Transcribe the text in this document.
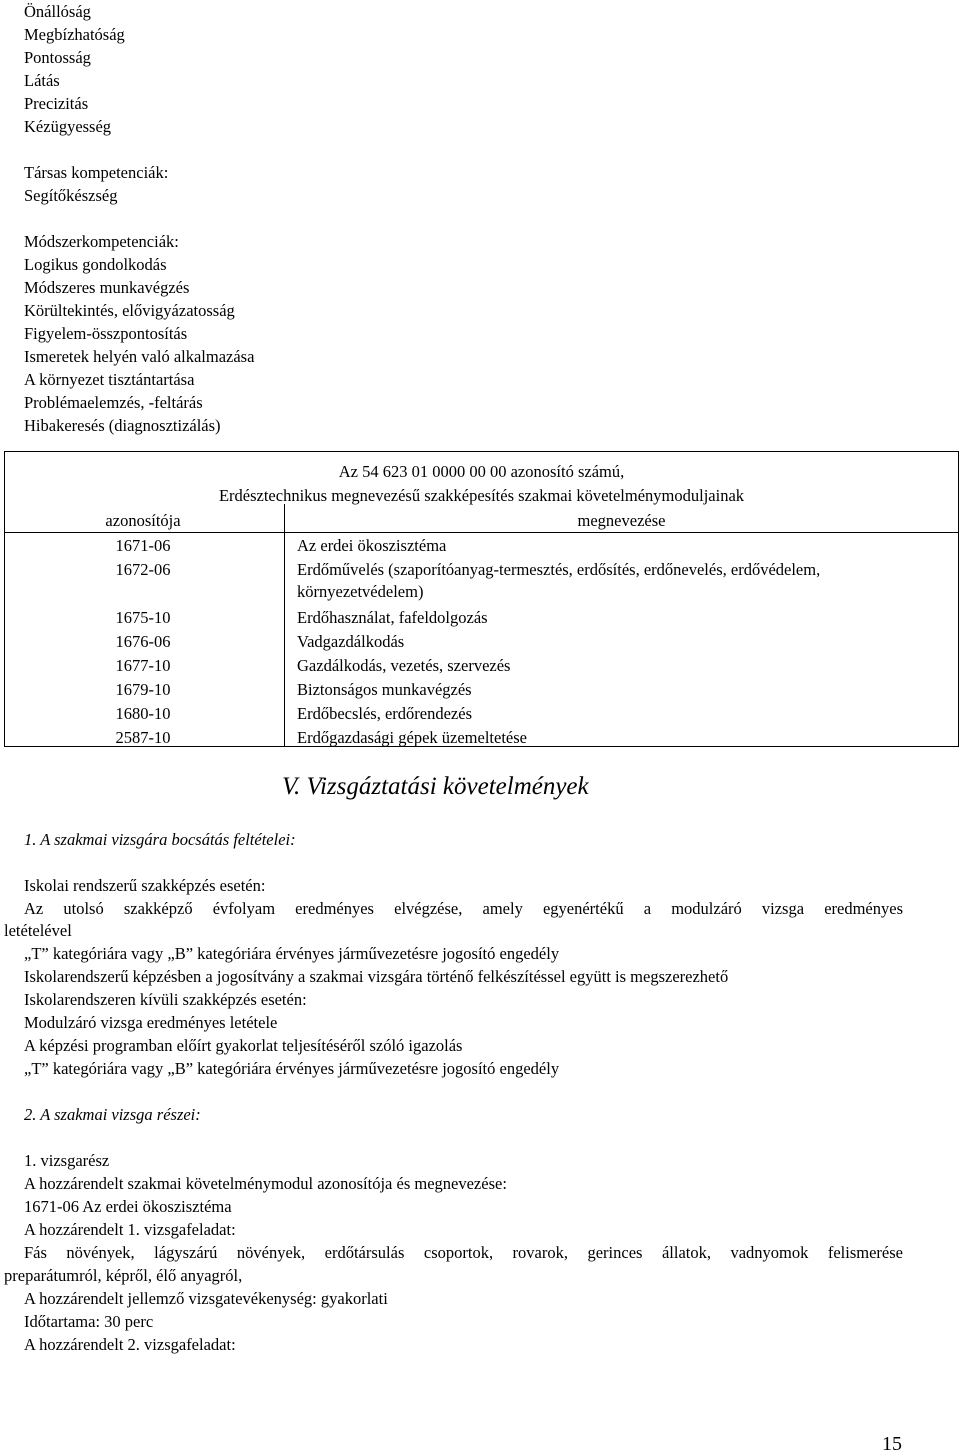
Önállóság
Megbízhatóság
Pontosság
Látás
Precizitás
Kézügyesség
Társas kompetenciák:
Segítőkészség
Módszerkompetenciák:
Logikus gondolkodás
Módszeres munkavégzés
Körültekintés, elővigyázatosság
Figyelem-összpontosítás
Ismeretek helyén való alkalmazása
A környezet tisztántartása
Problémaelemzés, -feltárás
Hibakeresés (diagnosztizálás)
Az 54 623 01 0000 00 00 azonosító számú,
Erdésztechnikus megnevezésű szakképesítés szakmai követelménymoduljainak
azonosítója	megnevezése
1671-06	Az erdei ökoszisztéma
1672-06	Erdőművelés (szaporítóanyag-termesztés, erdősítés, erdőnevelés, erdővédelem,
környezetvédelem)
1675-10	Erdőhasználat, fafeldolgozás
1676-06	Vadgazdálkodás
1677-10	Gazdálkodás, vezetés, szervezés
1679-10	Biztonságos munkavégzés
1680-10	Erdőbecslés, erdőrendezés
2587-10	Erdőgazdasági gépek üzemeltetése
V. Vizsgáztatási követelmények
1. A szakmai vizsgára bocsátás feltételei:
Iskolai rendszerű szakképzés esetén:
Az utolsó szakképző évfolyam eredményes elvégzése, amely egyenértékű a modulzáró vizsga eredményes
letételével
„T” kategóriára vagy „B” kategóriára érvényes járművezetésre jogosító engedély
Iskolarendszerű képzésben a jogosítvány a szakmai vizsgára történő felkészítéssel együtt is megszerezhető
Iskolarendszeren kívüli szakképzés esetén:
Modulzáró vizsga eredményes letétele
A képzési programban előírt gyakorlat teljesítéséről szóló igazolás
„T” kategóriára vagy „B” kategóriára érvényes járművezetésre jogosító engedély
2. A szakmai vizsga részei:
1. vizsgarész
A hozzárendelt szakmai követelménymodul azonosítója és megnevezése:
1671-06 Az erdei ökoszisztéma
A hozzárendelt 1. vizsgafeladat:
Fás növények, lágyszárú növények, erdőtársulás csoportok, rovarok, gerinces állatok, vadnyomok felismerése
preparátumról, képről, élő anyagról,
A hozzárendelt jellemző vizsgatevékenység: gyakorlati
Időtartama: 30 perc
A hozzárendelt 2. vizsgafeladat:
15
